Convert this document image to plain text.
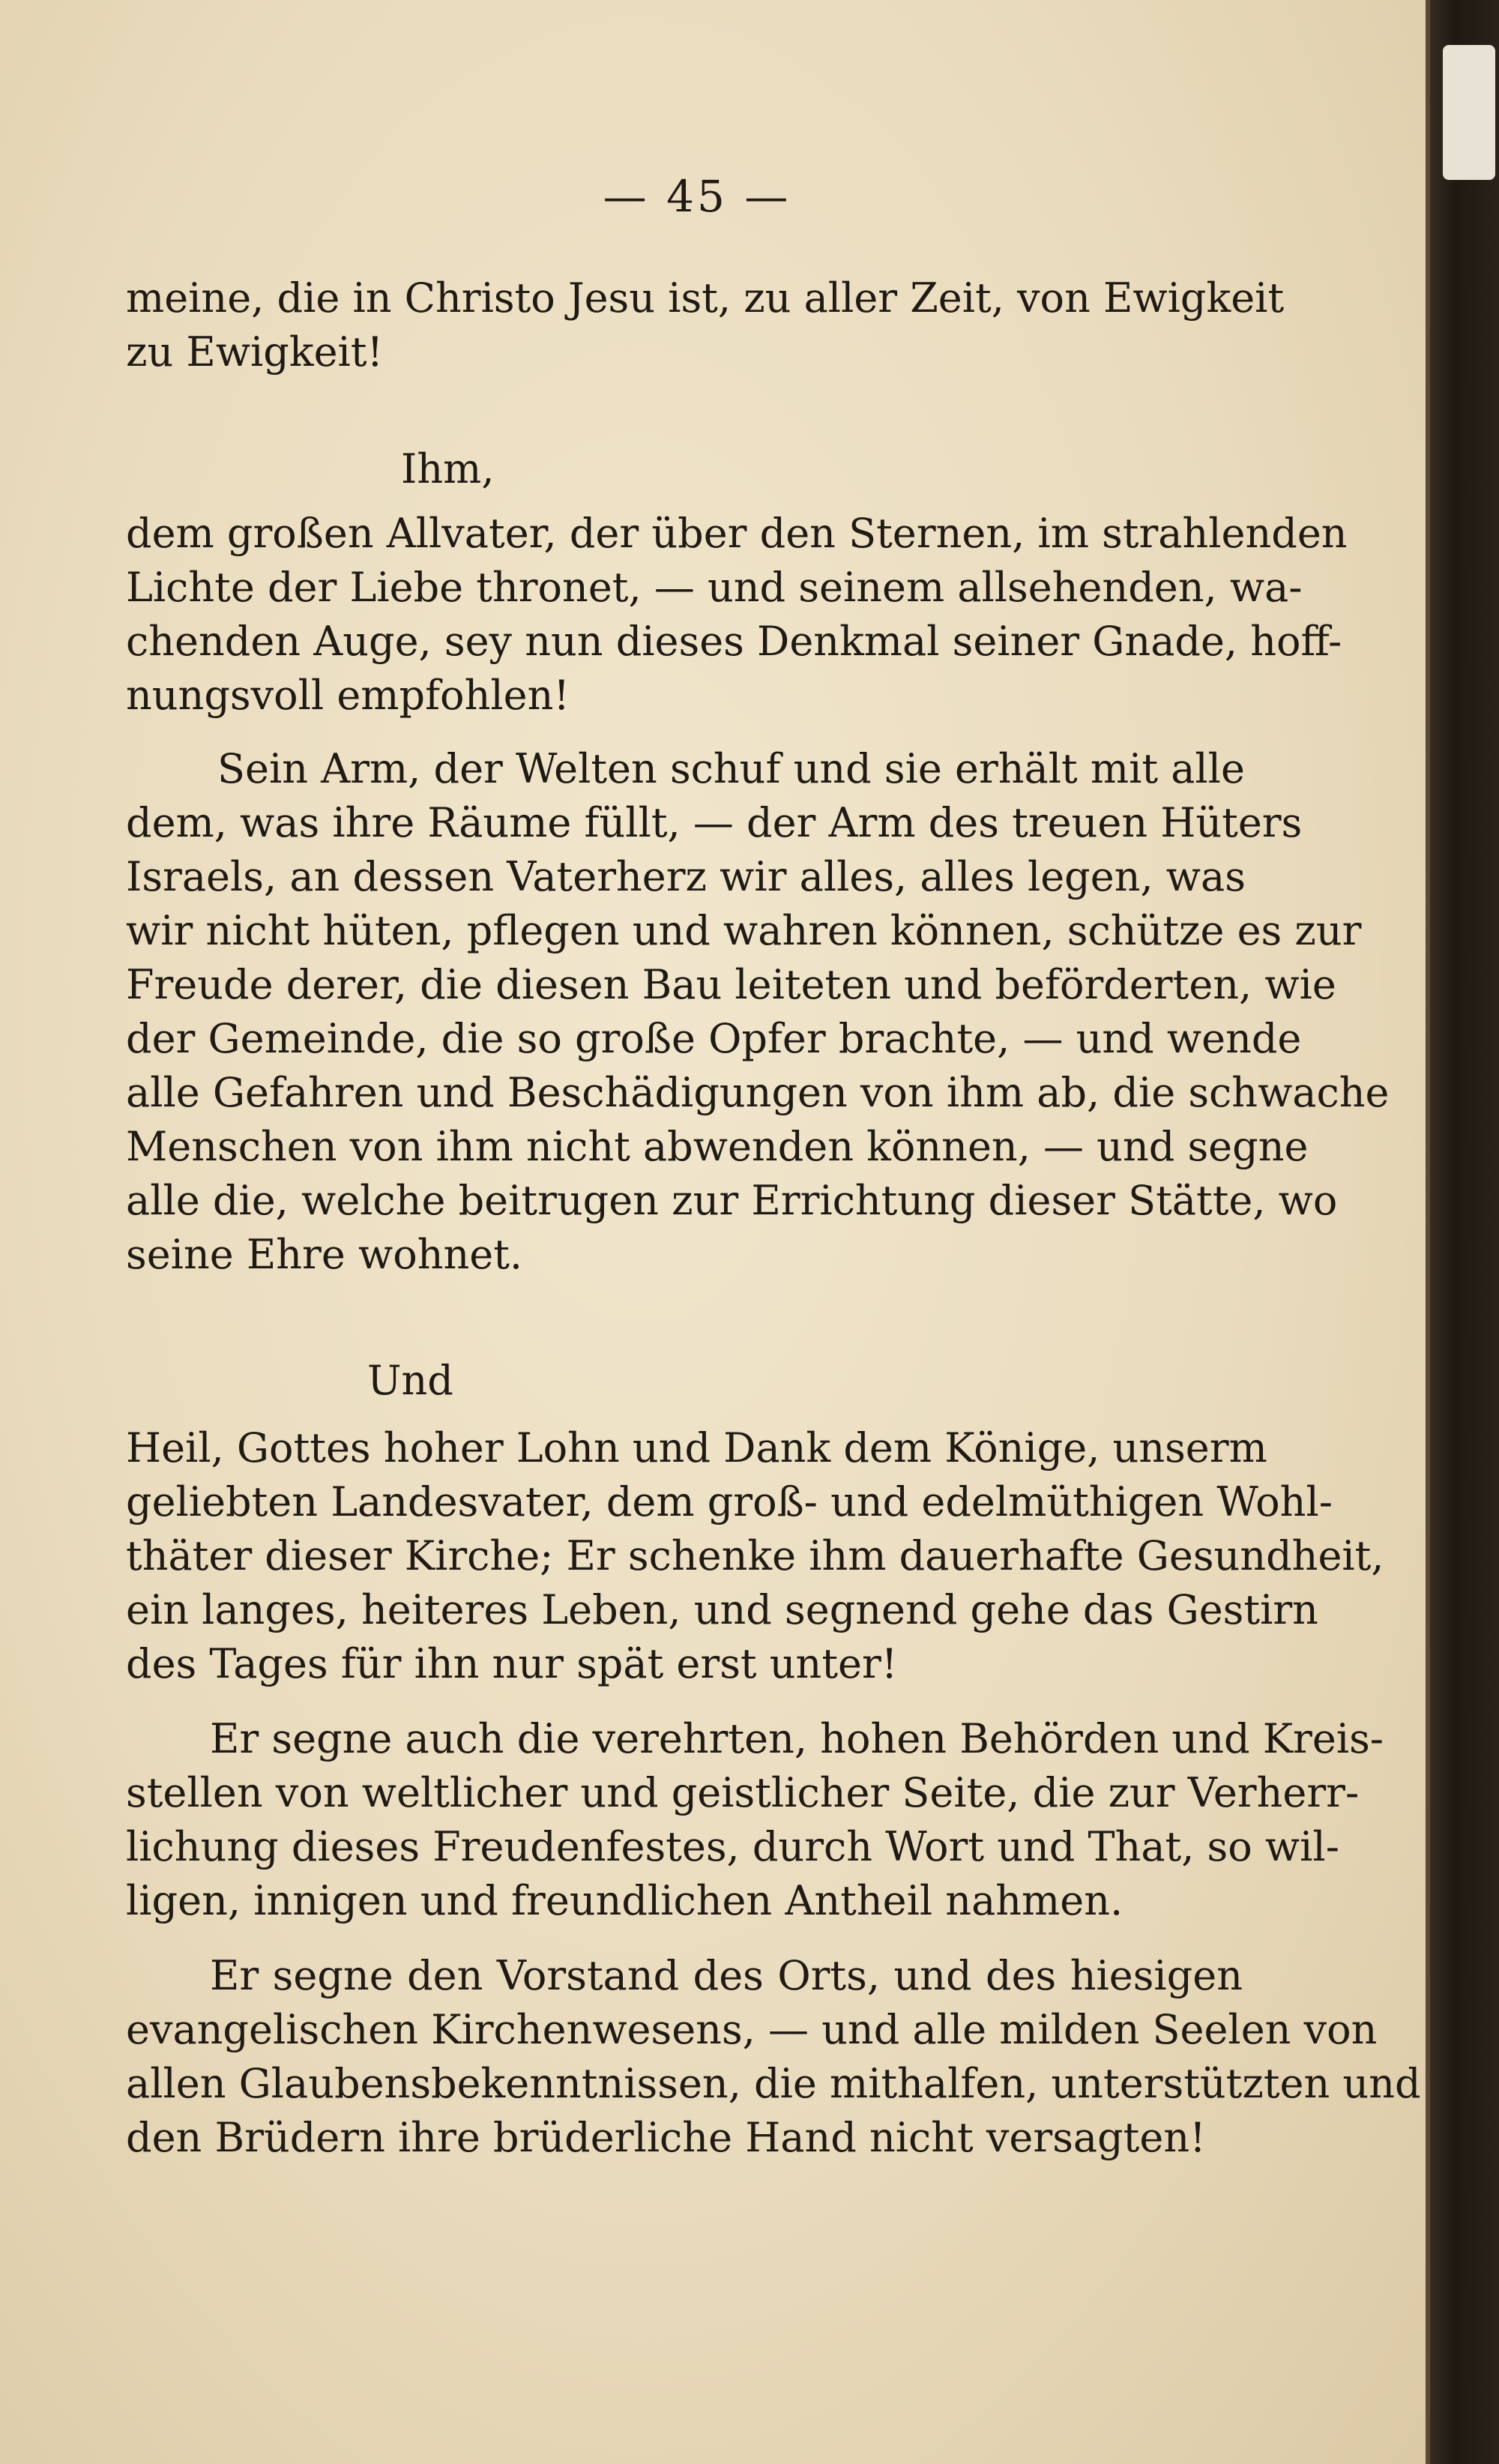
— 45 —
meine, die in Christo Jesu ist, zu aller Zeit, von Ewigkeit
zu Ewigkeit!
Ihm,
dem großen Allvater, der über den Sternen, im strahlenden
Lichte der Liebe thronet, — und seinem allsehenden, wa-
chenden Auge, sey nun dieses Denkmal seiner Gnade, hoff-
nungsvoll empfohlen!
Sein Arm, der Welten schuf und sie erhält mit alle
dem, was ihre Räume füllt, — der Arm des treuen Hüters
Israels, an dessen Vaterherz wir alles, alles legen, was
wir nicht hüten, pflegen und wahren können, schütze es zur
Freude derer, die diesen Bau leiteten und beförderten, wie
der Gemeinde, die so große Opfer brachte, — und wende
alle Gefahren und Beschädigungen von ihm ab, die schwache
Menschen von ihm nicht abwenden können, — und segne
alle die, welche beitrugen zur Errichtung dieser Stätte, wo
seine Ehre wohnet.
Und
Heil, Gottes hoher Lohn und Dank dem Könige, unserm
geliebten Landesvater, dem groß- und edelmüthigen Wohl-
thäter dieser Kirche; Er schenke ihm dauerhafte Gesundheit,
ein langes, heiteres Leben, und segnend gehe das Gestirn
des Tages für ihn nur spät erst unter!
Er segne auch die verehrten, hohen Behörden und Kreis-
stellen von weltlicher und geistlicher Seite, die zur Verherr-
lichung dieses Freudenfestes, durch Wort und That, so wil-
ligen, innigen und freundlichen Antheil nahmen.
Er segne den Vorstand des Orts, und des hiesigen
evangelischen Kirchenwesens, — und alle milden Seelen von
allen Glaubensbekenntnissen, die mithalfen, unterstützten und
den Brüdern ihre brüderliche Hand nicht versagten!
